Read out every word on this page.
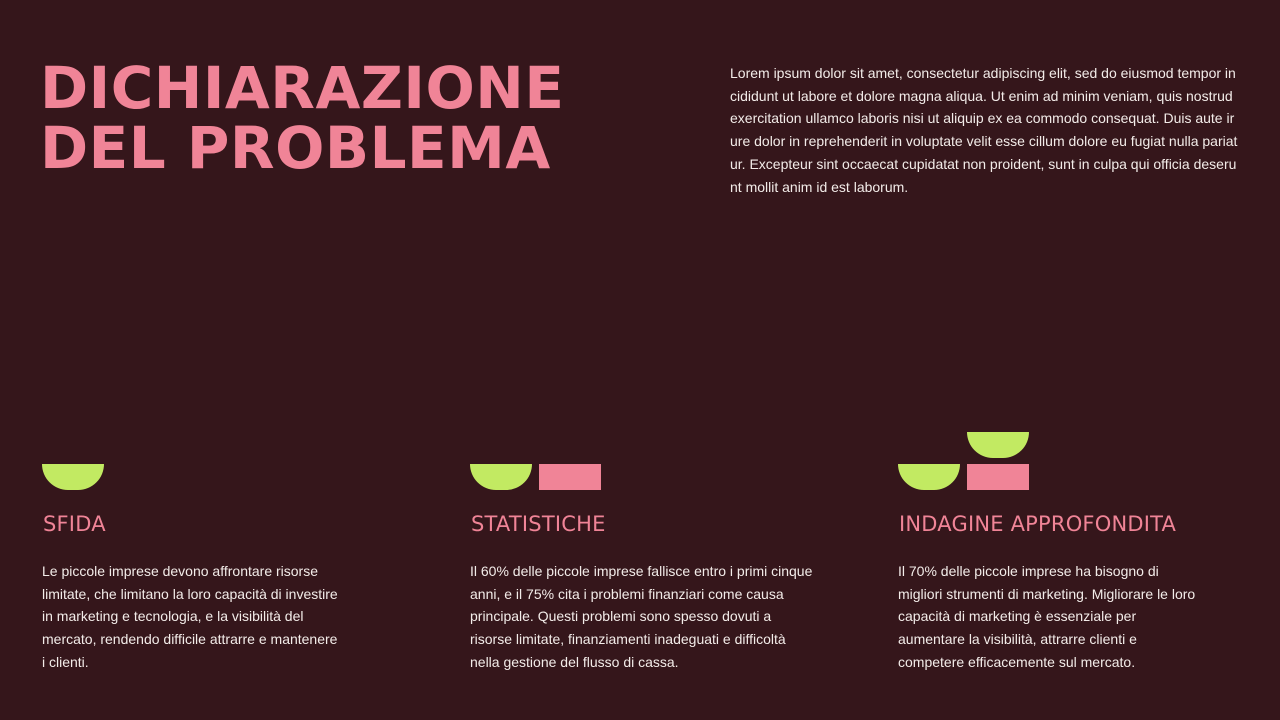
DICHIARAZIONE
DEL PROBLEMA

Lorem ipsum dolor sit amet, consectetur adipiscing elit, sed do eiusmod tempor incididunt ut labore et dolore magna aliqua. Ut enim ad minim veniam, quis nostrud exercitation ullamco laboris nisi ut aliquip ex ea commodo consequat. Duis aute irure dolor in reprehenderit in voluptate velit esse cillum dolore eu fugiat nulla pariatur. Excepteur sint occaecat cupidatat non proident, sunt in culpa qui officia deserunt mollit anim id est laborum.

SFIDA

Le piccole imprese devono affrontare risorse limitate, che limitano la loro capacità di investire in marketing e tecnologia, e la visibilità del mercato, rendendo difficile attrarre e mantenere i clienti.

STATISTICHE

Il 60% delle piccole imprese fallisce entro i primi cinque anni, e il 75% cita i problemi finanziari come causa principale. Questi problemi sono spesso dovuti a risorse limitate, finanziamenti inadeguati e difficoltà nella gestione del flusso di cassa.

INDAGINE APPROFONDITA

Il 70% delle piccole imprese ha bisogno di migliori strumenti di marketing. Migliorare le loro capacità di marketing è essenziale per aumentare la visibilità, attrarre clienti e competere efficacemente sul mercato.
